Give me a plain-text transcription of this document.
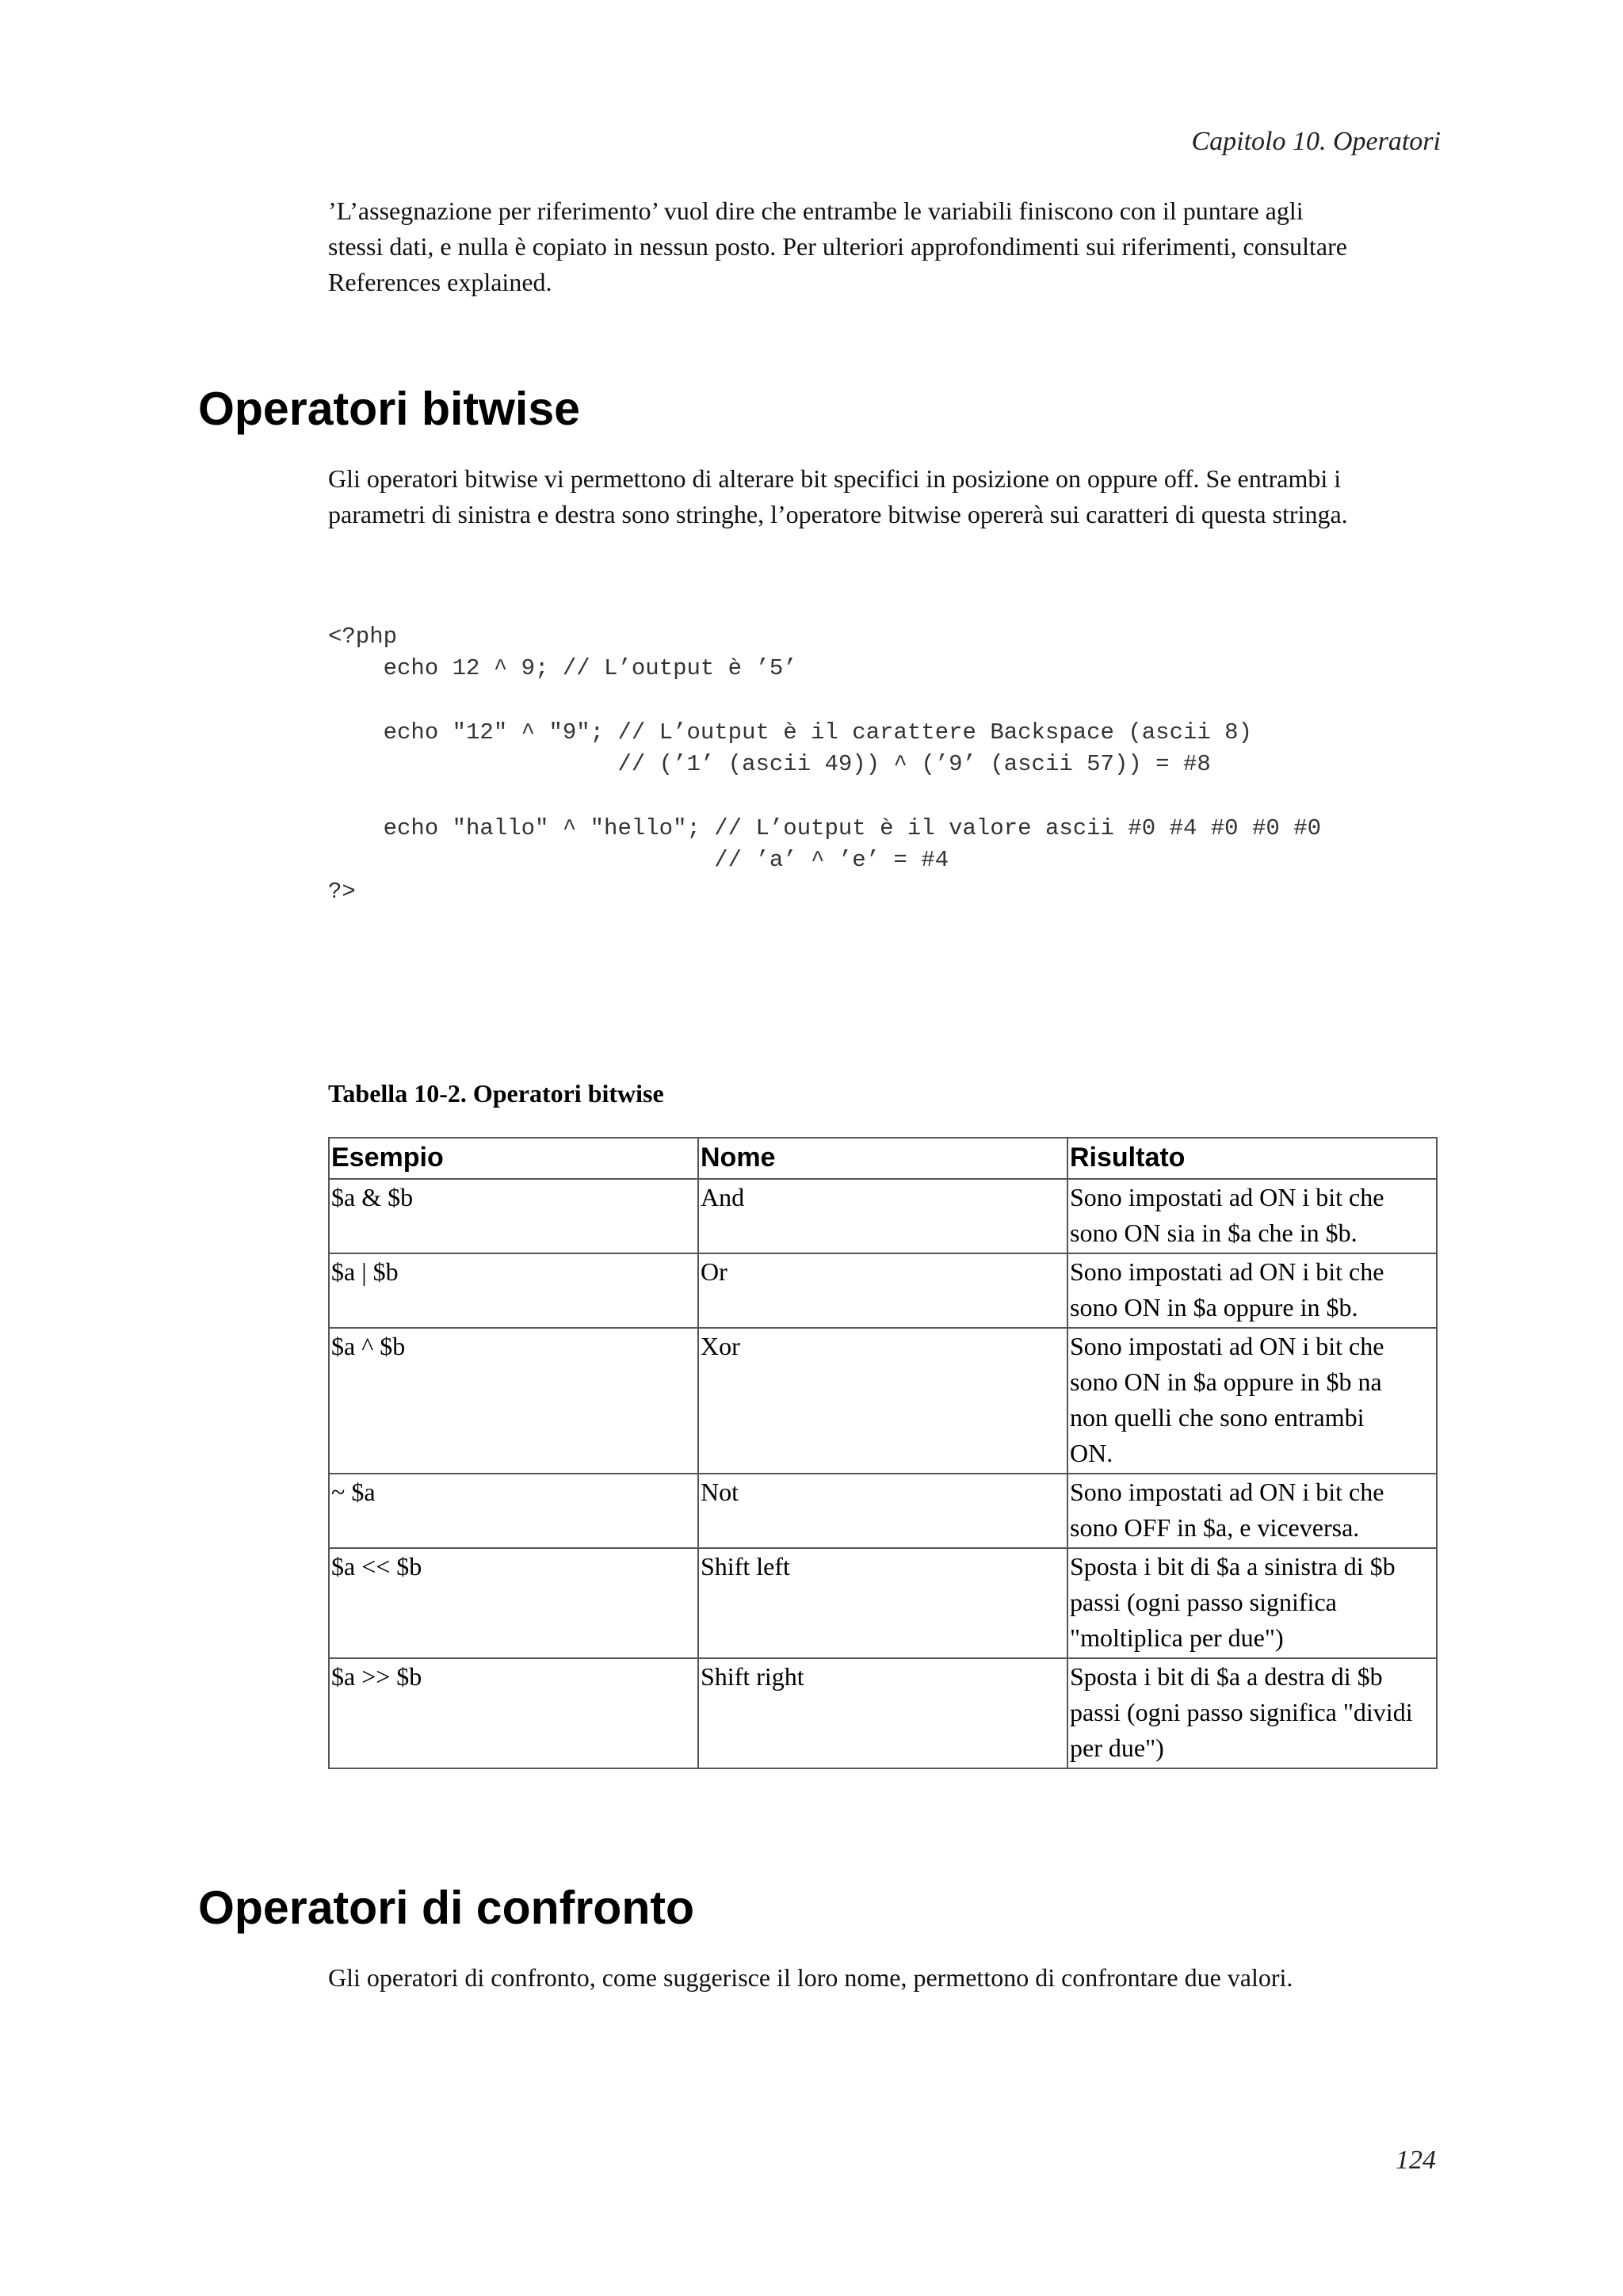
Capitolo 10. Operatori

’L’assegnazione per riferimento’ vuol dire che entrambe le variabili finiscono con il puntare agli
stessi dati, e nulla è copiato in nessun posto. Per ulteriori approfondimenti sui riferimenti, consultare
References explained.

Operatori bitwise

Gli operatori bitwise vi permettono di alterare bit specifici in posizione on oppure off. Se entrambi i
parametri di sinistra e destra sono stringhe, l’operatore bitwise opererà sui caratteri di questa stringa.

<?php
echo 12 ^ 9; // L’output è ’5’
echo "12" ^ "9"; // L’output è il carattere Backspace (ascii 8)
// (’1’ (ascii 49)) ^ (’9’ (ascii 57)) = #8
echo "hallo" ^ "hello"; // L’output è il valore ascii #0 #4 #0 #0 #0
// ’a’ ^ ’e’ = #4
?>

Tabella 10-2. Operatori bitwise

Esempio	Nome	Risultato
$a & $b	And	Sono impostati ad ON i bit che
sono ON sia in $a che in $b.
$a | $b	Or	Sono impostati ad ON i bit che
sono ON in $a oppure in $b.
$a ^ $b	Xor	Sono impostati ad ON i bit che
sono ON in $a oppure in $b na
non quelli che sono entrambi
ON.
~ $a	Not	Sono impostati ad ON i bit che
sono OFF in $a, e viceversa.
$a << $b	Shift left	Sposta i bit di $a a sinistra di $b
passi (ogni passo significa
"moltiplica per due")
$a >> $b	Shift right	Sposta i bit di $a a destra di $b
passi (ogni passo significa "dividi
per due")
Operatori di confronto

Gli operatori di confronto, come suggerisce il loro nome, permettono di confrontare due valori.

124
